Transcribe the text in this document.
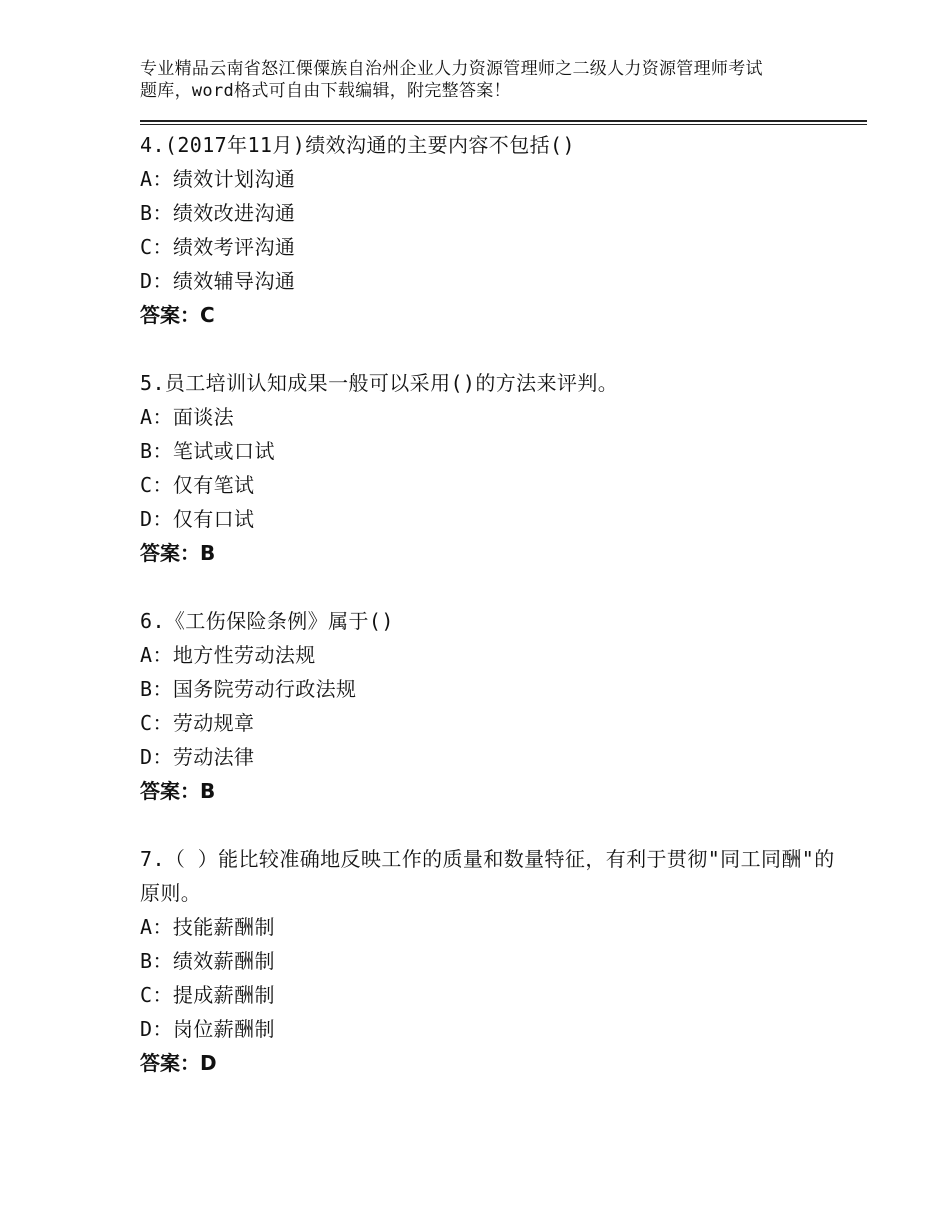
专业精品云南省怒江傈僳族自治州企业人力资源管理师之二级人力资源管理师考试
题库，word格式可自由下载编辑，附完整答案！
4.(2017年11月)绩效沟通的主要内容不包括()
A：绩效计划沟通
B：绩效改进沟通
C：绩效考评沟通
D：绩效辅导沟通
答案：C
5.员工培训认知成果一般可以采用()的方法来评判。
A：面谈法
B：笔试或口试
C：仅有笔试
D：仅有口试
答案：B
6.《工伤保险条例》属于()
A：地方性劳动法规
B：国务院劳动行政法规
C：劳动规章
D：劳动法律
答案：B
7.（ ）能比较准确地反映工作的质量和数量特征，有利于贯彻"同工同酬"的原则。
A：技能薪酬制
B：绩效薪酬制
C：提成薪酬制
D：岗位薪酬制
答案：D
